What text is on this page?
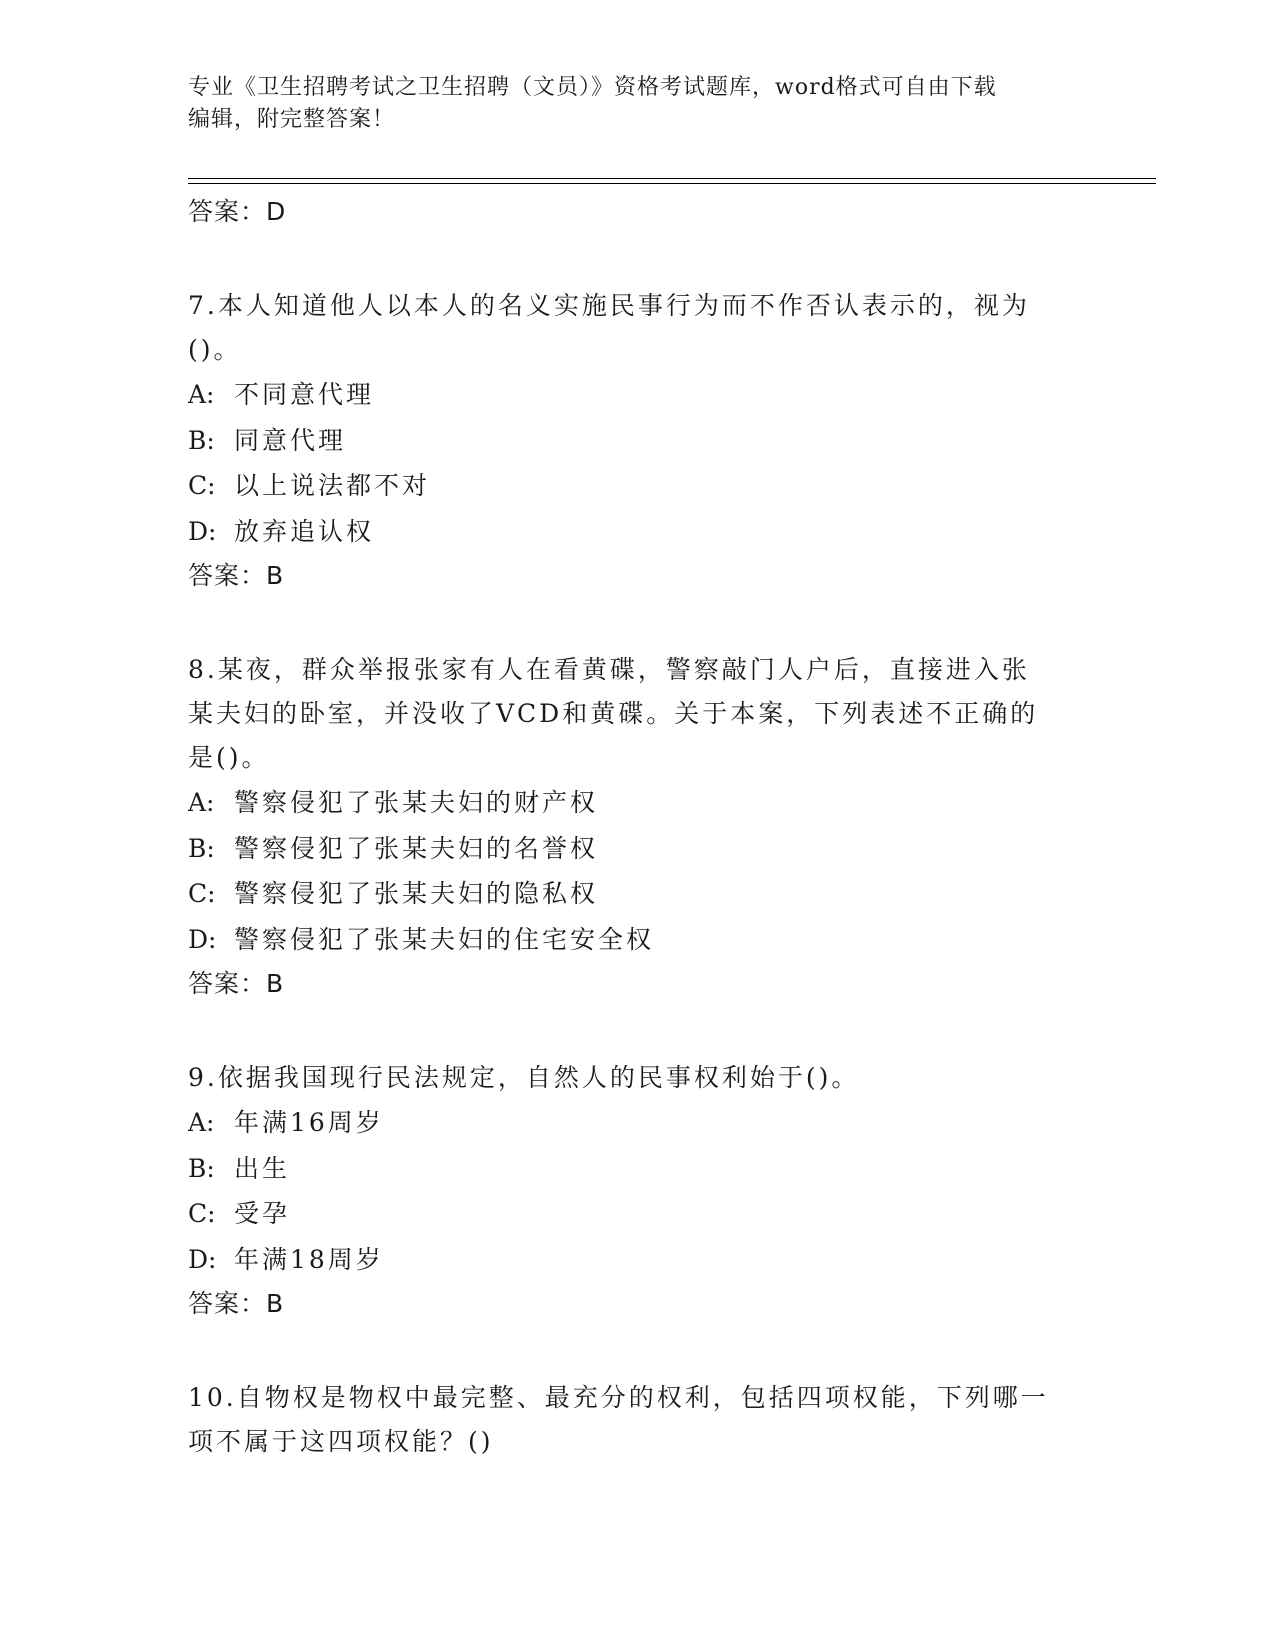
专业《卫生招聘考试之卫生招聘（文员）》资格考试题库，word格式可自由下载
编辑，附完整答案！
答案：D
7.本人知道他人以本人的名义实施民事行为而不作否认表示的，视为
()。
A: 不同意代理
B: 同意代理
C: 以上说法都不对
D: 放弃追认权
答案：B
8.某夜，群众举报张家有人在看黄碟，警察敲门人户后，直接进入张
某夫妇的卧室，并没收了VCD和黄碟。关于本案，下列表述不正确的
是()。
A: 警察侵犯了张某夫妇的财产权
B: 警察侵犯了张某夫妇的名誉权
C: 警察侵犯了张某夫妇的隐私权
D: 警察侵犯了张某夫妇的住宅安全权
答案：B
9.依据我国现行民法规定，自然人的民事权利始于()。
A: 年满16周岁
B: 出生
C: 受孕
D: 年满18周岁
答案：B
10.自物权是物权中最完整、最充分的权利，包括四项权能，下列哪一
项不属于这四项权能？()
